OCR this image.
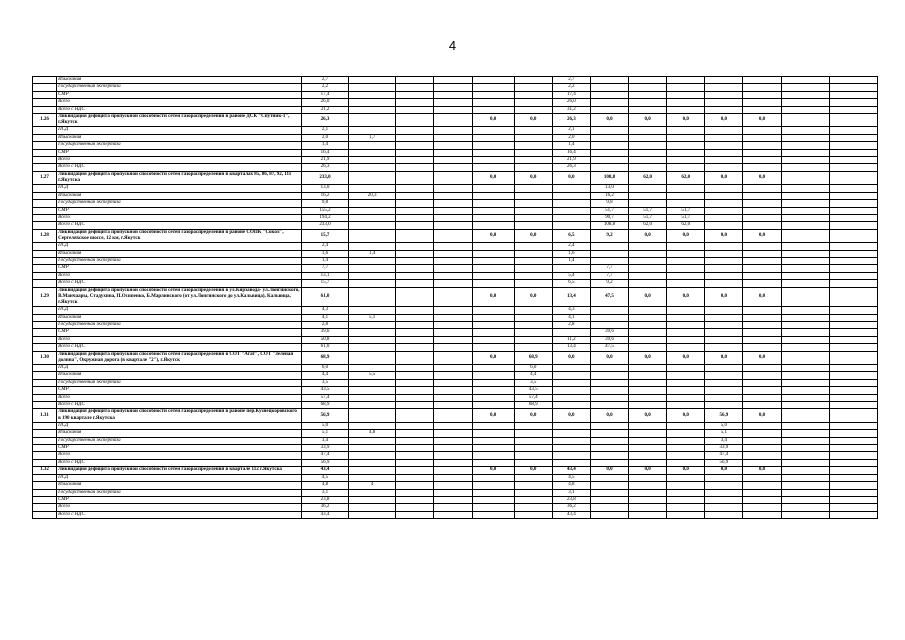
4
	Изыскания	2,7						2,7							
	Государственная экспертиза	2,2						2,2							
	СМР	17,4						17,4							
	Всего	26,0						26,0							
	Всего с НДС	31,2						31,2							
1.26	Ликвидация дефицита пропускной способности сетей газораспределения в районе ДСК "Спутник-1", г.Якутск	26,3				0,0	0,0	26,3	0,0	0,0	0,0	0,0	0,0		
	ПСД	2,1						2,1							
	Изыскания	2,0	1,7					2,0							
	Государственная экспертиза	1,4						1,4							
	СМР	16,4						16,4							
	Всего	21,9						21,9							
	Всего с НДС	26,3						26,3							
1.27	Ликвидация дефицита пропускной способности сетей газораспределения в кварталах 85, 86, 87, 92, 111 г.Якутска	233,0				0,0	0,0	0,0	108,8	62,0	62,0	0,0	0,0		
	ПСД	13,0							13,0						
	Изыскания	16,2	20,3						16,2						
	Государственная экспертиза	9,8							9,8						
	СМР	155,2							51,7	51,7	51,7				
	Всего	194,2							90,7	51,7	51,7				
	Всего с НДС	233,0							108,8	62,0	62,0				
1.28	Ликвидация дефицита пропускной способности сетей газораспределения в районе СОПК "Сокол", Сергеляхское шоссе, 12 км, г.Якутск	15,7				0,0	0,0	6,5	9,2	0,0	0,0	0,0	0,0		
	ПСД	2,4						2,4							
	Изыскания	1,6	1,4					1,6							
	Государственная экспертиза	1,4						1,4							
	СМР	7,7							7,7						
	Всего	13,1						5,4	7,7						
	Всего с НДС	15,7						6,5	9,2						
1.29	Ликвидация дефицита пропускной способности сетей газораспределения в ул.Кирзавода- ул.Лонгинского, В.Манчаары, Стадухина, П.Осипенко, Б.Марлинского (от ул.Лонгинского до ул.Кальвица), Кальвица, г.Якутск	61,0				0,0	0,0	13,4	47,5	0,0	0,0	0,0	0,0		
	ПСД	4,3						4,3							
	Изыскания	4,1	5,1					4,1							
	Государственная экспертиза	2,8						2,8							
	СМР	39,6							39,6						
	Всего	50,8						11,2	39,6						
	Всего с НДС	61,0						13,4	47,5						
1.30	Ликвидация дефицита пропускной способности сетей газораспределения в СОТ "Агат", СОТ "Зеленая долина", Окружная дорога (в квартале "2"), г.Якутск	68,9				0,0	68,9	0,0	0,0	0,0	0,0	0,0	0,0		
	ПСД	6,0					6,0								
	Изыскания	4,4	5,5				4,4								
	Государственная экспертиза	3,5					3,5								
	СМР	43,5					43,5								
	Всего	57,4					57,4								
	Всего с НДС	68,9					68,9								
1.31	Ликвидация дефицита пропускной способности сетей газораспределения в районе пер.Кузнецкоровского в 190 квартале г.Якутска	56,9				0,0	0,0	0,0	0,0	0,0	0,0	56,9	0,0		
	ПСД	5,0										5,0			
	Изыскания	5,1	4,8									5,1			
	Государственная экспертиза	3,4										3,4			
	СМР	33,9										33,9			
	Всего	47,4										47,4			
	Всего с НДС	56,9										56,9			
1.32	Ликвидация дефицита пропускной способности сетей газораспределения в квартале 112 г.Якутска	43,4				0,0	0,0	43,4	0,0	0,0	0,0	0,0	0,0		
	ПСД	4,5						4,5							
	Изыскания	4,8	4					4,8							
	Государственная экспертиза	3,1						3,1							
	СМР	23,8						23,8							
	Всего	36,2						36,2							
	Всего с НДС	43,4						43,4							
